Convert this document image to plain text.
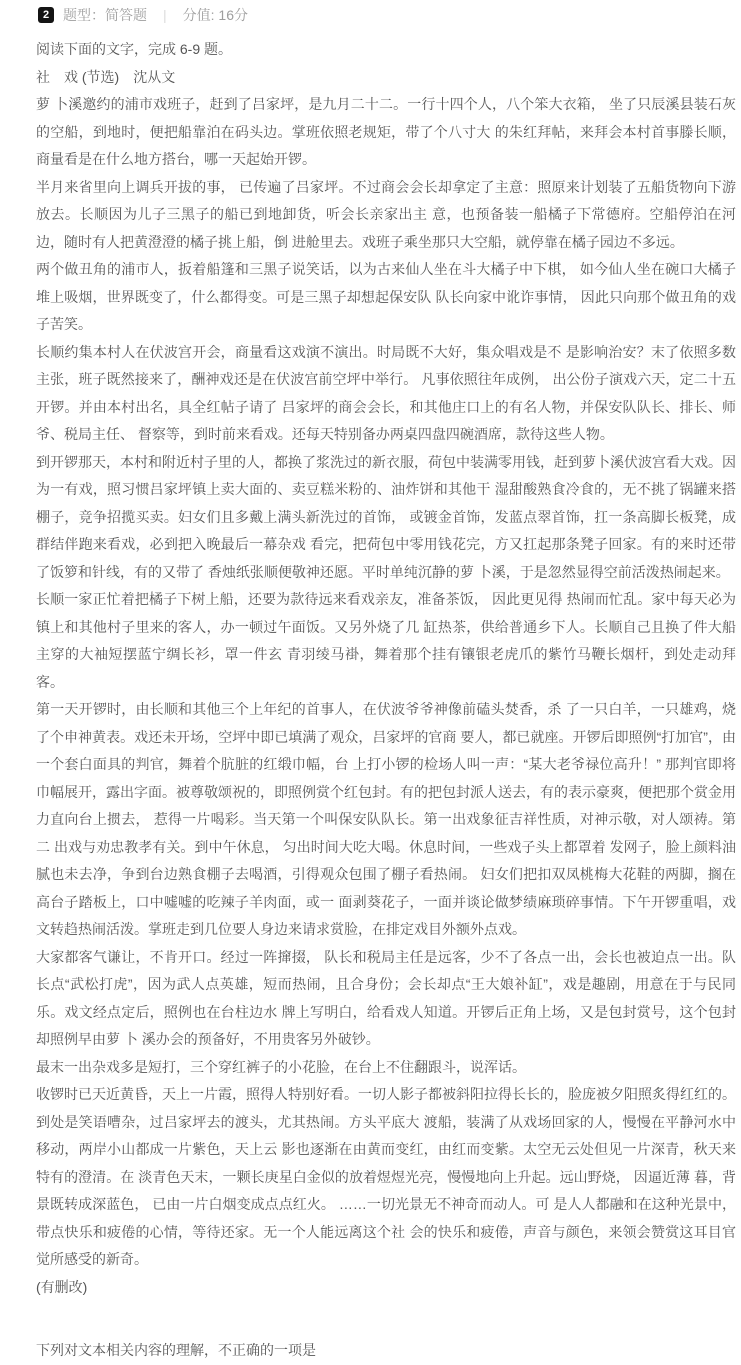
2 题型：简答题 | 分值: 16分

阅读下面的文字，完成 6-9 题。

社　戏 (节选)　沈从文

萝 卜溪邀约的浦市戏班子，赶到了吕家坪，是九月二十二。一行十四个人，八个笨大衣箱， 坐了只辰溪县装石灰的空船，到地时，便把船靠泊在码头边。掌班依照老规矩，带了个八寸大 的朱红拜帖，来拜会本村首事滕长顺，商量看是在什么地方搭台，哪一天起始开锣。

半月来省里向上调兵开拔的事， 已传遍了吕家坪。不过商会会长却拿定了主意：照原来计划装了五船货物向下游放去。长顺因为儿子三黑子的船已到地卸货，听会长亲家出主 意，也预备装一船橘子下常德府。空船停泊在河边，随时有人把黄澄澄的橘子挑上船，倒 进舱里去。戏班子乘坐那只大空船，就停靠在橘子园边不多远。

两个做丑角的浦市人，扳着船篷和三黑子说笑话，以为古来仙人坐在斗大橘子中下棋， 如今仙人坐在碗口大橘子堆上吸烟，世界既变了，什么都得变。可是三黑子却想起保安队 队长向家中讹诈事情， 因此只向那个做丑角的戏子苦笑。

长顺约集本村人在伏波宫开会，商量看这戏演不演出。时局既不大好，集众唱戏是不 是影响治安？末了依照多数主张，班子既然接来了，酬神戏还是在伏波宫前空坪中举行。 凡事依照往年成例， 出公份子演戏六天，定二十五开锣。并由本村出名，具全红帖子请了 吕家坪的商会会长，和其他庄口上的有名人物，并保安队队长、排长、师爷、税局主任、 督察等，到时前来看戏。还每天特别备办两桌四盘四碗酒席，款待这些人物。

到开锣那天，本村和附近村子里的人，都换了浆洗过的新衣服，荷包中装满零用钱，赶到萝卜溪伏波宫看大戏。因为一有戏，照习惯吕家坪镇上卖大面的、卖豆糕米粉的、油炸饼和其他干 湿甜酸熟食冷食的，无不挑了锅罐来搭棚子，竞争招揽买卖。妇女们且多戴上满头新洗过的首饰， 或镀金首饰，发蓝点翠首饰，扛一条高脚长板凳，成群结伴跑来看戏，必到把入晚最后一幕杂戏 看完，把荷包中零用钱花完，方又扛起那条凳子回家。有的来时还带了饭箩和针线，有的又带了 香烛纸张顺便敬神还愿。平时单纯沉静的萝 卜溪，于是忽然显得空前活泼热闹起来。

长顺一家正忙着把橘子下树上船，还要为款待远来看戏亲友，准备茶饭， 因此更见得 热闹而忙乱。家中每天必为镇上和其他村子里来的客人，办一顿过午面饭。又另外烧了几 缸热茶，供给普通乡下人。长顺自己且换了件大船主穿的大袖短摆蓝宁绸长衫，罩一件玄 青羽绫马褂，舞着那个挂有镶银老虎爪的紫竹马鞭长烟杆，到处走动拜客。

第一天开锣时，由长顺和其他三个上年纪的首事人，在伏波爷爷神像前磕头焚香，杀 了一只白羊，一只雄鸡，烧了个申神黄表。戏还未开场，空坪中即已填满了观众，吕家坪的官商 要人，都已就座。开锣后即照例“打加官”，由一个套白面具的判官，舞着个肮脏的红缎巾幅，台 上打小锣的检场人叫一声：“某大老爷禄位高升！” 那判官即将巾幅展开，露出字面。被尊敬颂祝的，即照例赏个红包封。有的把包封派人送去，有的表示豪爽，便把那个赏金用力直向台上掼去， 惹得一片喝彩。当天第一个叫保安队队长。第一出戏象征吉祥性质，对神示敬，对人颂祷。第二 出戏与劝忠教孝有关。到中午休息， 匀出时间大吃大喝。休息时间，一些戏子头上都罩着 发网子，脸上颜料油腻也未去净，争到台边熟食棚子去喝酒，引得观众包围了棚子看热闹。 妇女们把扣双凤桃梅大花鞋的两脚，搁在高台子踏板上，口中嘘嘘的吃辣子羊肉面，或一 面剥葵花子，一面并谈论做梦绩麻琐碎事情。下午开锣重唱，戏文转趋热闹活泼。掌班走到几位要人身边来请求赏脸，在排定戏目外额外点戏。

大家都客气谦让，不肯开口。经过一阵撺掇， 队长和税局主任是远客，少不了各点一出，会长也被迫点一出。队长点“武松打虎”，因为武人点英雄，短而热闹，且合身份；会长却点“王大娘补缸”，戏是趣剧，用意在于与民同乐。戏文经点定后，照例也在台柱边水 牌上写明白，给看戏人知道。开锣后正角上场，又是包封赏号，这个包封却照例早由萝 卜 溪办会的预备好，不用贵客另外破钞。

最末一出杂戏多是短打，三个穿红裤子的小花脸，在台上不住翻跟斗，说浑话。

收锣时已天近黄昏，天上一片霞，照得人特别好看。一切人影子都被斜阳拉得长长的，脸庞被夕阳照炙得红红的。到处是笑语嘈杂，过吕家坪去的渡头，尤其热闹。方头平底大 渡船，装满了从戏场回家的人，慢慢在平静河水中移动，两岸小山都成一片紫色，天上云 影也逐渐在由黄而变红，由红而变紫。太空无云处但见一片深青，秋天来特有的澄清。在 淡青色天末，一颗长庚星白金似的放着煜煜光亮，慢慢地向上升起。远山野烧， 因逼近薄 暮，背景既转成深蓝色， 已由一片白烟变成点点红火。 ……一切光景无不神奇而动人。可 是人人都融和在这种光景中，带点快乐和疲倦的心情，等待还家。无一个人能远离这个社 会的快乐和疲倦，声音与颜色，来领会赞赏这耳目官觉所感受的新奇。

(有删改)

下列对文本相关内容的理解，不正确的一项是
